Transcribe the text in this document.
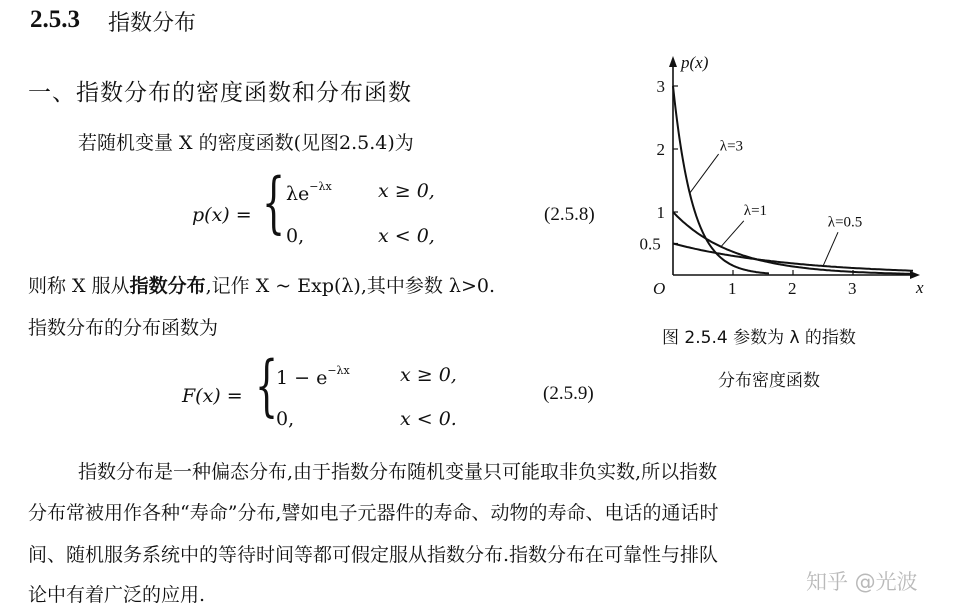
2.5.3 指数分布
一、指数分布的密度函数和分布函数
若随机变量 X 的密度函数(见图2.5.4)为
p(x) = { $\lambda e^{-\lambda x}$ x ≥ 0,
0,	x < 0,
(2.5.8)
则称 X 服从指数分布,记作 X ~ Exp(λ),其中参数 λ>0.
指数分布的分布函数为
F(x) = {
$1 - e^{-\lambda x}$	x ≥ 0,
0,	x < 0.
(2.5.9)
指数分布是一种偏态分布,由于指数分布随机变量只可能取非负实数,所以指数
分布常被用作各种“寿命”分布,譬如电子元器件的寿命、动物的寿命、电话的通话时
间、随机服务系统中的等待时间等都可假定服从指数分布.指数分布在可靠性与排队
论中有着广泛的应用.
x
p(x)
O	1	2	3
0.5
1
2
3
λ=3
λ=1
λ=0.5
图 2.5.4 参数为 λ 的指数
分布密度函数
知乎 @光波
